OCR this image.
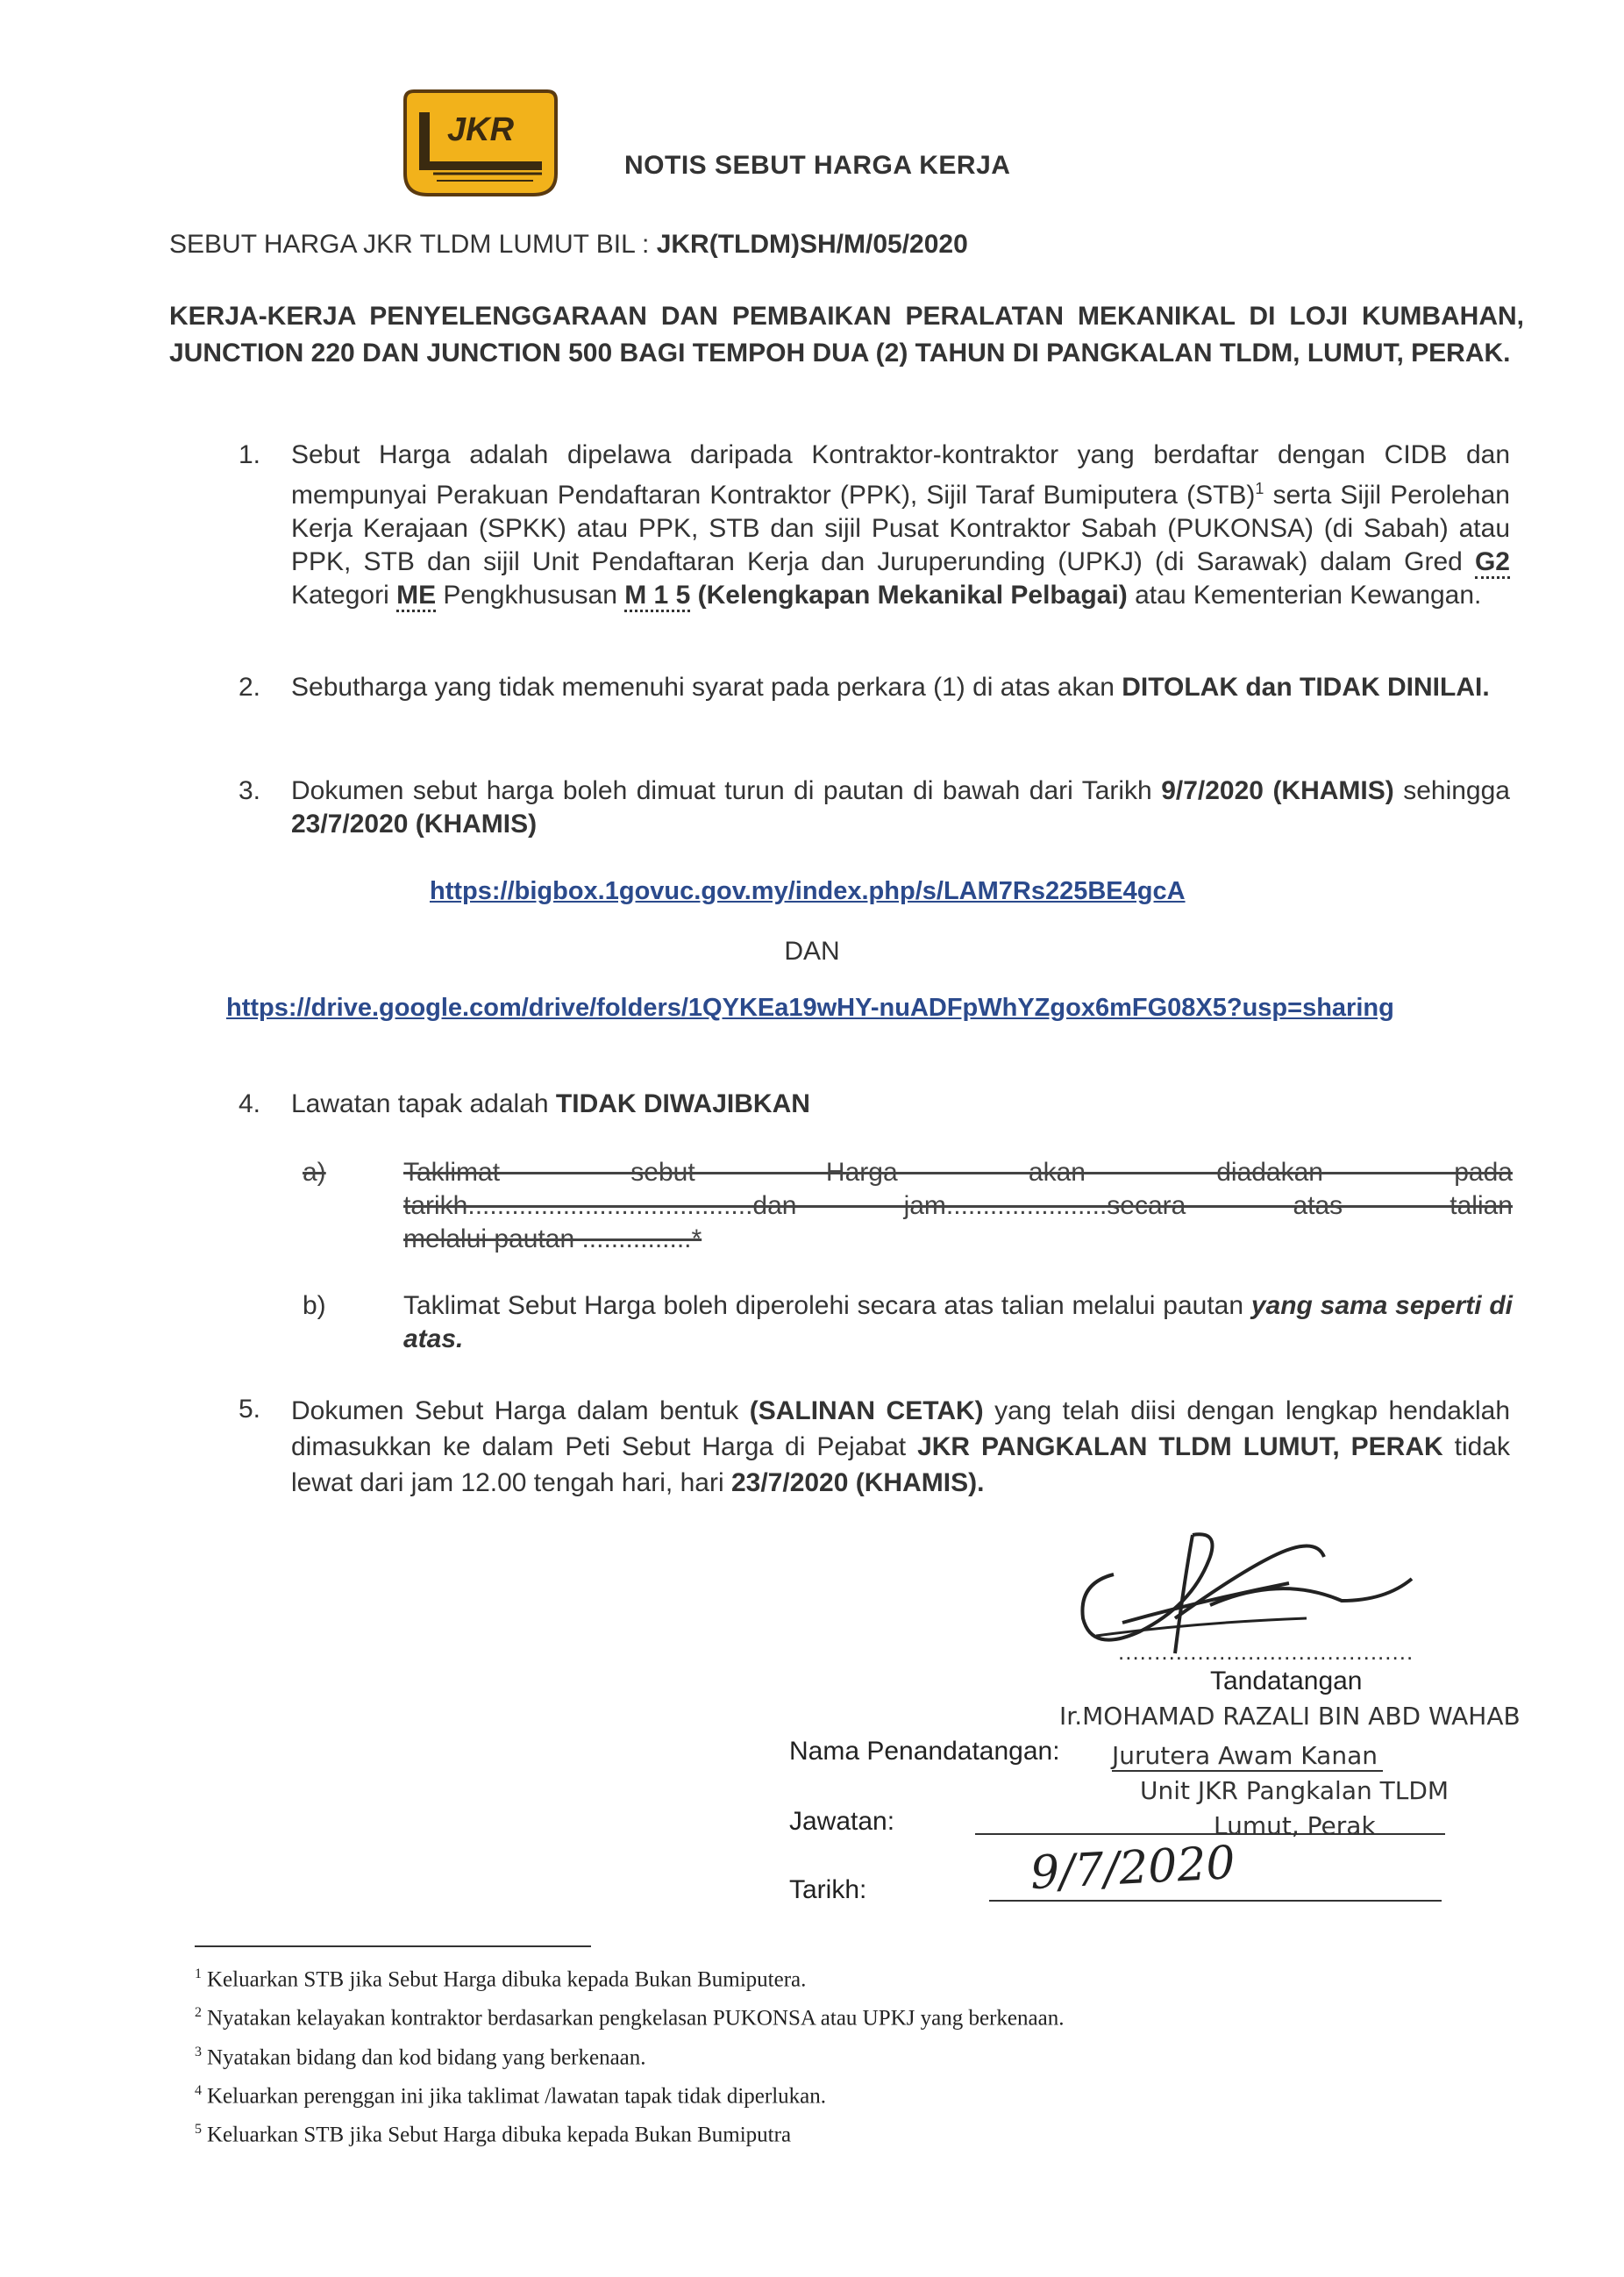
JKR
NOTIS SEBUT HARGA KERJA
SEBUT HARGA JKR TLDM LUMUT BIL : JKR(TLDM)SH/M/05/2020
KERJA-KERJA PENYELENGGARAAN DAN PEMBAIKAN PERALATAN MEKANIKAL DI LOJI KUMBAHAN, JUNCTION 220 DAN JUNCTION 500 BAGI TEMPOH DUA (2) TAHUN DI PANGKALAN TLDM, LUMUT, PERAK.
1.	Sebut Harga adalah dipelawa daripada Kontraktor-kontraktor yang berdaftar dengan CIDB dan mempunyai Perakuan Pendaftaran Kontraktor (PPK), Sijil Taraf Bumiputera (STB)$^1$ serta Sijil Perolehan Kerja Kerajaan (SPKK) atau PPK, STB dan sijil Pusat Kontraktor Sabah (PUKONSA) (di Sabah) atau PPK, STB dan sijil Unit Pendaftaran Kerja dan Juruperunding (UPKJ) (di Sarawak) dalam Gred G2 Kategori ME Pengkhususan M 1 5 (Kelengkapan Mekanikal Pelbagai) atau Kementerian Kewangan.
2.	Sebutharga yang tidak memenuhi syarat pada perkara (1) di atas akan DITOLAK dan TIDAK DINILAI.
3.	Dokumen sebut harga boleh dimuat turun di pautan di bawah dari Tarikh 9/7/2020 (KHAMIS) sehingga 23/7/2020 (KHAMIS)
https://bigbox.1govuc.gov.my/index.php/s/LAM7Rs225BE4gcA
DAN
https://drive.google.com/drive/folders/1QYKEa19wHY-nuADFpWhYZgox6mFG08X5?usp=sharing
4.	Lawatan tapak adalah TIDAK DIWAJIBKAN
a)	Taklimat sebut Harga akan diadakan pada
tarikh.......................................dan jam......................secara atas talian
melalui pautan ...............*
b)	Taklimat Sebut Harga boleh diperolehi secara atas talian melalui pautan yang sama seperti di atas.
5.	Dokumen Sebut Harga dalam bentuk (SALINAN CETAK) yang telah diisi dengan lengkap hendaklah dimasukkan ke dalam Peti Sebut Harga di Pejabat JKR PANGKALAN TLDM LUMUT, PERAK tidak lewat dari jam 12.00 tengah hari, hari 23/7/2020 (KHAMIS).
.........................................
Tandatangan
Ir.MOHAMAD RAZALI BIN ABD WAHAB
Nama Penandatangan: Jurutera Awam Kanan
Unit JKR Pangkalan TLDM
Jawatan:	Lumut, Perak
Tarikh:	9/7/2020
$^1$ Keluarkan STB jika Sebut Harga dibuka kepada Bukan Bumiputera.
$^2$ Nyatakan kelayakan kontraktor berdasarkan pengkelasan PUKONSA atau UPKJ yang berkenaan.
$^3$ Nyatakan bidang dan kod bidang yang berkenaan.
$^4$ Keluarkan perenggan ini jika taklimat /lawatan tapak tidak diperlukan.
$^5$ Keluarkan STB jika Sebut Harga dibuka kepada Bukan Bumiputra
